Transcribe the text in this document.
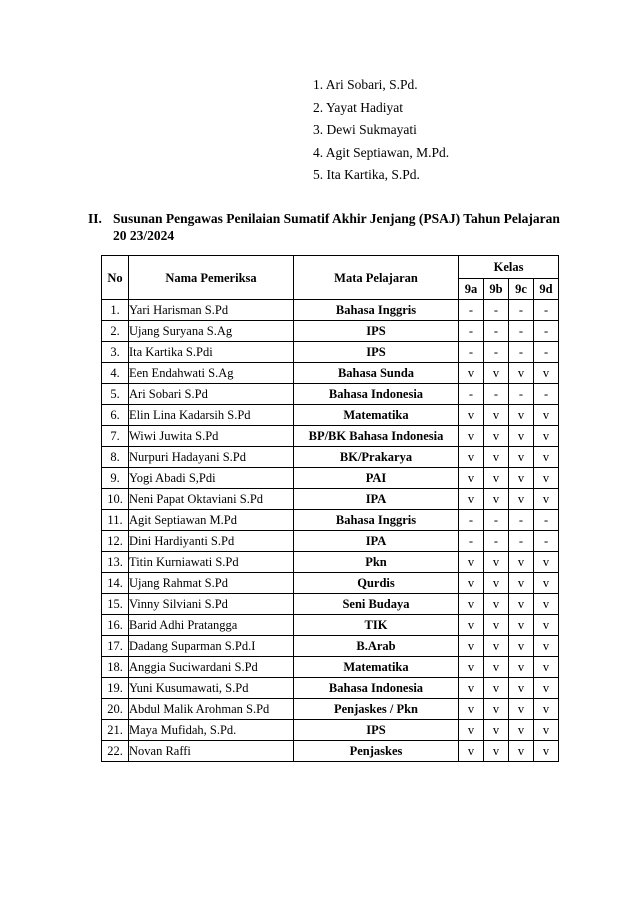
1. Ari Sobari, S.Pd.
2. Yayat Hadiyat
3. Dewi Sukmayati
4. Agit Septiawan, M.Pd.
5. Ita Kartika, S.Pd.
II. Susunan Pengawas Penilaian Sumatif Akhir Jenjang (PSAJ) Tahun Pelajaran 20 23/2024
No	Nama Pemeriksa	Mata Pelajaran	Kelas			
			9a	9b	9c	9d
1.	Yari Harisman S.Pd	Bahasa Inggris	-	-	-	-
2.	Ujang Suryana S.Ag	IPS	-	-	-	-
3.	Ita Kartika S.Pdi	IPS	-	-	-	-
4.	Een Endahwati S.Ag	Bahasa Sunda	v	v	v	v
5.	Ari Sobari S.Pd	Bahasa Indonesia	-	-	-	-
6.	Elin Lina Kadarsih S.Pd	Matematika	v	v	v	v
7.	Wiwi Juwita S.Pd	BP/BK Bahasa Indonesia	v	v	v	v
8.	Nurpuri Hadayani S.Pd	BK/Prakarya	v	v	v	v
9.	Yogi Abadi S,Pdi	PAI	v	v	v	v
10.	Neni Papat Oktaviani S.Pd	IPA	v	v	v	v
11.	Agit Septiawan M.Pd	Bahasa Inggris	-	-	-	-
12.	Dini Hardiyanti S.Pd	IPA	-	-	-	-
13.	Titin Kurniawati S.Pd	Pkn	v	v	v	v
14.	Ujang Rahmat S.Pd	Qurdis	v	v	v	v
15.	Vinny Silviani S.Pd	Seni Budaya	v	v	v	v
16.	Barid Adhi Pratangga	TIK	v	v	v	v
17.	Dadang Suparman S.Pd.I	B.Arab	v	v	v	v
18.	Anggia Suciwardani S.Pd	Matematika	v	v	v	v
19.	Yuni Kusumawati, S.Pd	Bahasa Indonesia	v	v	v	v
20.	Abdul Malik Arohman S.Pd	Penjaskes / Pkn	v	v	v	v
21.	Maya Mufidah, S.Pd.	IPS	v	v	v	v
22.	Novan Raffi	Penjaskes	v	v	v	v
